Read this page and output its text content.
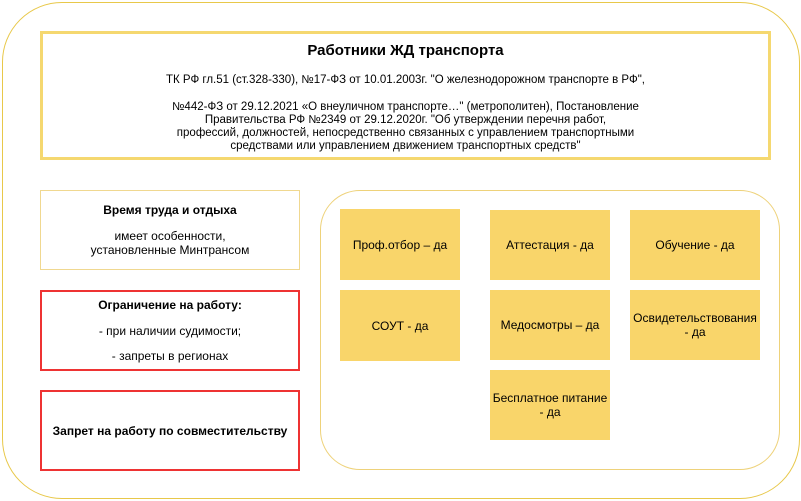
Работники ЖД транспорта
ТК РФ гл.51 (ст.328-330), №17-ФЗ от 10.01.2003г. "О железнодорожном транспорте в РФ",
№442-ФЗ от 29.12.2021 «О внеуличном транспорте…" (метрополитен), Постановление
Правительства РФ №2349 от 29.12.2020г. "Об утверждении перечня работ,
профессий, должностей, непосредственно связанных с управлением транспортными
средствами или управлением движением транспортных средств"
Время труда и отдыха
имеет особенности,
установленные Минтрансом
Ограничение на работу:
- при наличии судимости;
- запреты в регионах
Запрет на работу по совместительству
Проф.отбор – да	Аттестация - да	Обучение - да
СОУТ - да	Медосмотры – да	Освидетельствования - да
Бесплатное питание - да
